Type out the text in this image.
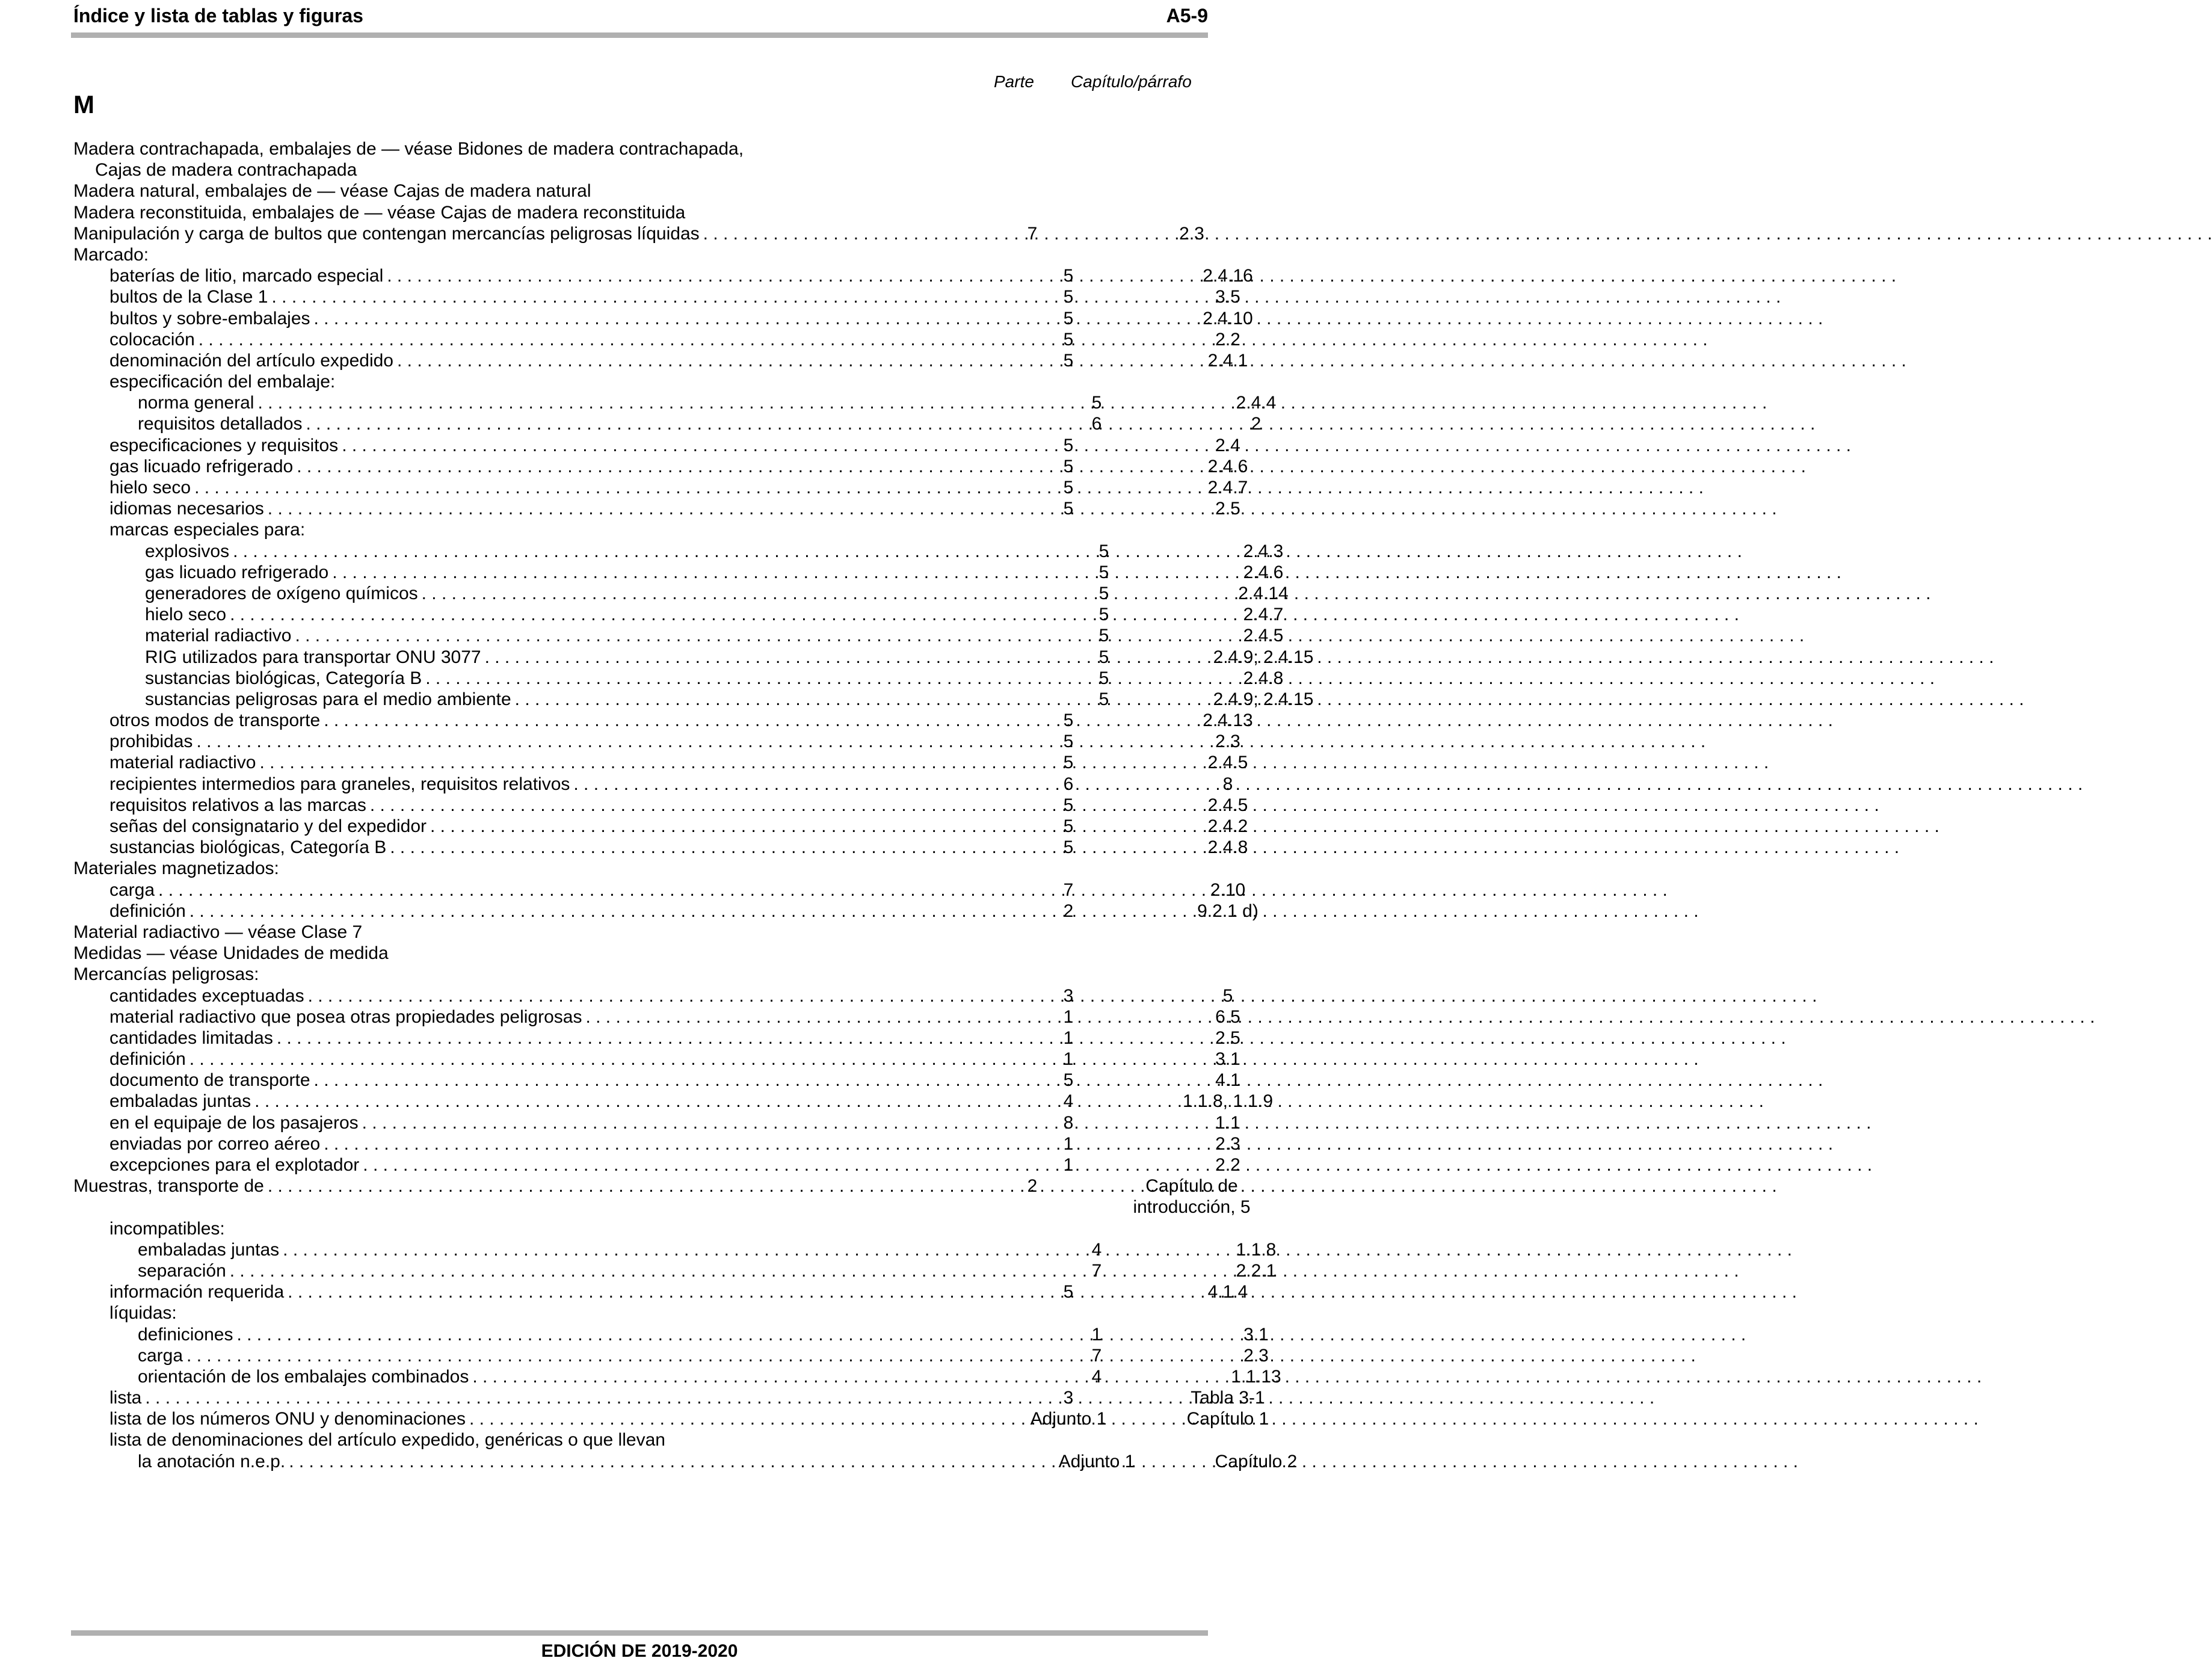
Índice y lista de tablas y figuras	A5-9
Parte Capítulo/párrafo
M
Madera contrachapada, embalajes de — véase Bidones de madera contrachapada,
Cajas de madera contrachapada
Madera natural, embalajes de — véase Cajas de madera natural
Madera reconstituida, embalajes de — véase Cajas de madera reconstituida
Manipulación y carga de bultos que contengan mercancías peligrosas líquidas . . .	7	2.3
Marcado:
baterías de litio, marcado especial . . .	5	2.4.16
bultos de la Clase 1 . . .	5	3.5
bultos y sobre-embalajes . . .	5	2.4.10
colocación . . .	5	2.2
denominación del artículo expedido . . .	5	2.4.1
especificación del embalaje:
norma general . . .	5	2.4.4
requisitos detallados . . .	6	2
especificaciones y requisitos . . .	5	2.4
gas licuado refrigerado . . .	5	2.4.6
hielo seco . . .	5	2.4.7
idiomas necesarios . . .	5	2.5
marcas especiales para:
explosivos . . .	5	2.4.3
gas licuado refrigerado . . .	5	2.4.6
generadores de oxígeno químicos . . .	5	2.4.14
hielo seco . . .	5	2.4.7
material radiactivo . . .	5	2.4.5
RIG utilizados para transportar ONU 3077 . . .	5	2.4.9; 2.4.15
sustancias biológicas, Categoría B . . .	5	2.4.8
sustancias peligrosas para el medio ambiente . . .	5	2.4.9; 2.4.15
otros modos de transporte . . .	5	2.4.13
prohibidas . . .	5	2.3
material radiactivo . . .	5	2.4.5
recipientes intermedios para graneles, requisitos relativos . . .	6	8
requisitos relativos a las marcas . . .	5	2.4.5
señas del consignatario y del expedidor . . .	5	2.4.2
sustancias biológicas, Categoría B . . .	5	2.4.8
Materiales magnetizados:
carga . . .	7	2.10
definición . . .	2	9.2.1 d)
Material radiactivo — véase Clase 7
Medidas — véase Unidades de medida
Mercancías peligrosas:
cantidades exceptuadas . . .	3	5
material radiactivo que posea otras propiedades peligrosas . . .	1	6.5
cantidades limitadas . . .	1	2.5
definición . . .	1	3.1
documento de transporte . . .	5	4.1
embaladas juntas . . .	4	1.1.8, 1.1.9
en el equipaje de los pasajeros . . .	8	1.1
enviadas por correo aéreo . . .	1	2.3
excepciones para el explotador . . .	1	2.2
Muestras, transporte de . . .	2	Capítulo de introducción, 5
incompatibles:
embaladas juntas . . .	4	1.1.8
separación . . .	7	2.2.1
información requerida . . .	5	4.1.4
líquidas:
definiciones . . .	1	3.1
carga . . .	7	2.3
orientación de los embalajes combinados . . .	4	1.1.13
lista . . .	3	Tabla 3-1
lista de los números ONU y denominaciones . . .	Adjunto 1	Capítulo 1
lista de denominaciones del artículo expedido, genéricas o que llevan
la anotación n.e.p. . . .	Adjunto 1	Capítulo 2
EDICIÓN DE 2019-2020
